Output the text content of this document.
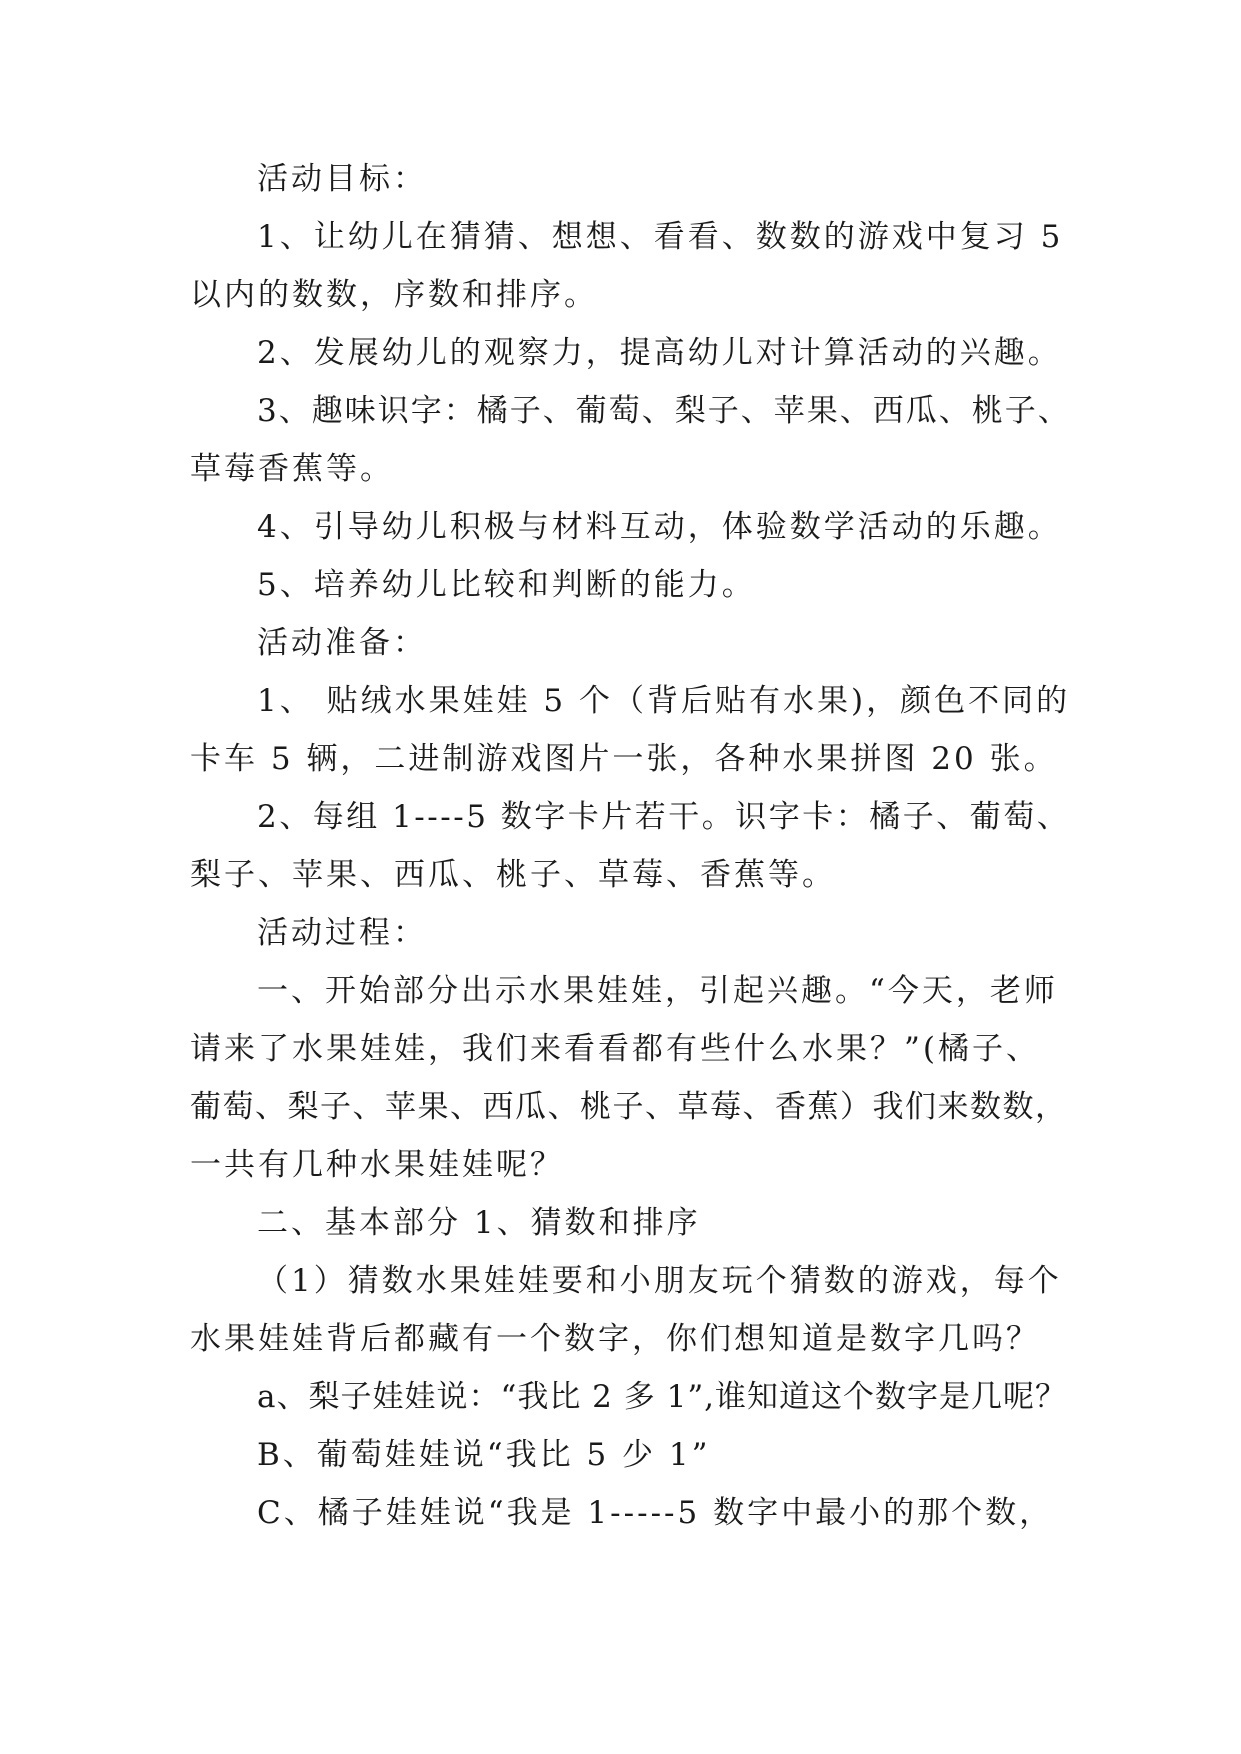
活动目标：
1、让幼儿在猜猜、想想、看看、数数的游戏中复习 5
以内的数数，序数和排序。
2、发展幼儿的观察力，提高幼儿对计算活动的兴趣。
3、趣味识字：橘子、葡萄、梨子、苹果、西瓜、桃子、
草莓香蕉等。
4、引导幼儿积极与材料互动，体验数学活动的乐趣。
5、培养幼儿比较和判断的能力。
活动准备：
1、 贴绒水果娃娃 5 个（背后贴有水果)，颜色不同的
卡车 5 辆，二进制游戏图片一张，各种水果拼图 20 张。
2、每组 1----5 数字卡片若干。识字卡：橘子、葡萄、
梨子、苹果、西瓜、桃子、草莓、香蕉等。
活动过程：
一、开始部分出示水果娃娃，引起兴趣。“今天，老师
请来了水果娃娃，我们来看看都有些什么水果？”(橘子、
葡萄、梨子、苹果、西瓜、桃子、草莓、香蕉）我们来数数，
一共有几种水果娃娃呢？
二、基本部分 1、猜数和排序
（1）猜数水果娃娃要和小朋友玩个猜数的游戏，每个
水果娃娃背后都藏有一个数字，你们想知道是数字几吗？
a、梨子娃娃说：“我比 2 多 1”,谁知道这个数字是几呢？
B、葡萄娃娃说“我比 5 少 1”
C、橘子娃娃说“我是 1-----5 数字中最小的那个数，
